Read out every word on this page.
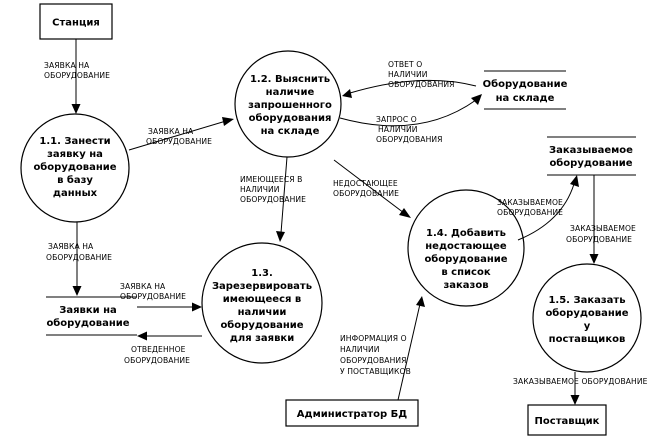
Станция
Администратор БД
Поставщик
Оборудование
на складе
Заказываемое
оборудование
Заявки на
оборудование
1.1. Занести
заявку на
оборудование
в базу
данных
1.2. Выяснить
наличие
запрошенного
оборудования
на складе
1.3.
Зарезервировать
имеющееся в
наличии
оборудование
для заявки
1.4. Добавить
недостающее
оборудование
в список
заказов
1.5. Заказать
оборудование
у
поставщиков
ЗАЯВКА НА
ОБОРУДОВАНИЕ
ЗАЯВКА НА
ОБОРУДОВАНИЕ
ОТВЕТ О
НАЛИЧИИ
ОБОРУДОВАНИЯ
ЗАПРОС О
НАЛИЧИИ
ОБОРУДОВАНИЯ
ИМЕЮЩЕЕСЯ В
НАЛИЧИИ
ОБОРУДОВАНИЕ
НЕДОСТАЮЩЕЕ
ОБОРУДОВАНИЕ
ЗАЯВКА НА
ОБОРУДОВАНИЕ
ЗАЯВКА НА
ОБОРУДОВАНИЕ
ОТВЕДЕННОЕ
ОБОРУДОВАНИЕ
ЗАКАЗЫВАЕМОЕ
ОБОРУДОВАНИЕ
ЗАКАЗЫВАЕМОЕ
ОБОРУДОВАНИЕ
ИНФОРМАЦИЯ О
НАЛИЧИИ
ОБОРУДОВАНИЯ
У ПОСТАВЩИКОВ
ЗАКАЗЫВАЕМОЕ ОБОРУДОВАНИЕ
